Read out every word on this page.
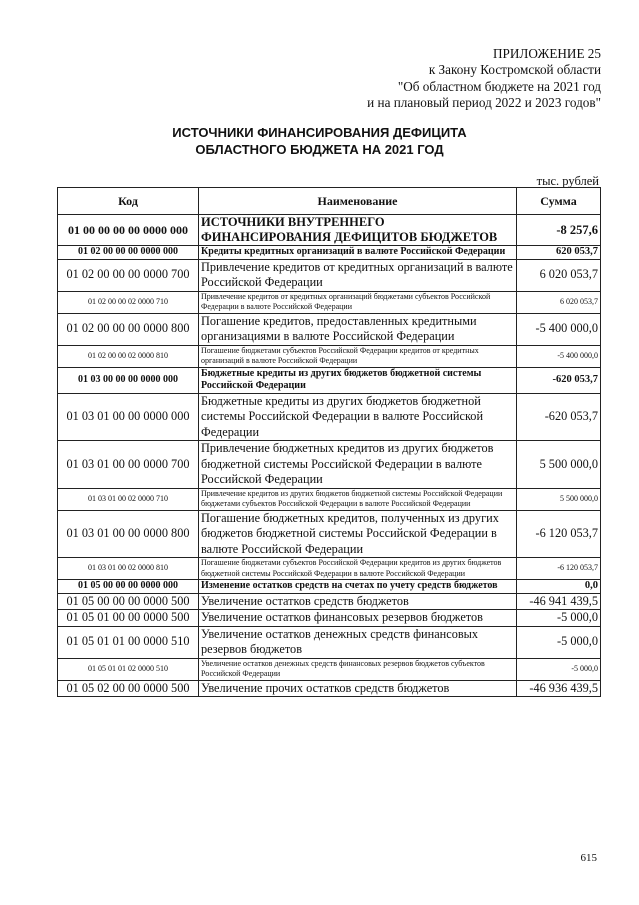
ПРИЛОЖЕНИЕ 25
к Закону Костромской области
"Об областном бюджете на 2021 год
и на плановый период 2022 и 2023 годов"
ИСТОЧНИКИ ФИНАНСИРОВАНИЯ ДЕФИЦИТА
ОБЛАСТНОГО БЮДЖЕТА НА 2021 ГОД
тыс. рублей
Код	Наименование	Сумма
01 00 00 00 00 0000 000	ИСТОЧНИКИ ВНУТРЕННЕГО ФИНАНСИРОВАНИЯ ДЕФИЦИТОВ БЮДЖЕТОВ	-8 257,6
01 02 00 00 00 0000 000	Кредиты кредитных организаций в валюте Российской Федерации	620 053,7
01 02 00 00 00 0000 700	Привлечение кредитов от кредитных организаций в валюте Российской Федерации	6 020 053,7
01 02 00 00 02 0000 710	Привлечение кредитов от кредитных организаций бюджетами субъектов Российской Федерации в валюте Российской Федерации	6 020 053,7
01 02 00 00 00 0000 800	Погашение кредитов, предоставленных кредитными организациями в валюте Российской Федерации	-5 400 000,0
01 02 00 00 02 0000 810	Погашение бюджетами субъектов Российской Федерации кредитов от кредитных организаций в валюте Российской Федерации	-5 400 000,0
01 03 00 00 00 0000 000	Бюджетные кредиты из других бюджетов бюджетной системы Российской Федерации	-620 053,7
01 03 01 00 00 0000 000	Бюджетные кредиты из других бюджетов бюджетной системы Российской Федерации в валюте Российской Федерации	-620 053,7
01 03 01 00 00 0000 700	Привлечение бюджетных кредитов из других бюджетов бюджетной системы Российской Федерации в валюте Российской Федерации	5 500 000,0
01 03 01 00 02 0000 710	Привлечение кредитов из других бюджетов бюджетной системы Российской Федерации бюджетами субъектов Российской Федерации в валюте Российской Федерации	5 500 000,0
01 03 01 00 00 0000 800	Погашение бюджетных кредитов, полученных из других бюджетов бюджетной системы Российской Федерации в валюте Российской Федерации	-6 120 053,7
01 03 01 00 02 0000 810	Погашение бюджетами субъектов Российской Федерации кредитов из других бюджетов бюджетной системы Российской Федерации в валюте Российской Федерации	-6 120 053,7
01 05 00 00 00 0000 000	Изменение остатков средств на счетах по учету средств бюджетов	0,0
01 05 00 00 00 0000 500	Увеличение остатков средств бюджетов	-46 941 439,5
01 05 01 00 00 0000 500	Увеличение остатков финансовых резервов бюджетов	-5 000,0
01 05 01 01 00 0000 510	Увеличение остатков денежных средств финансовых резервов бюджетов	-5 000,0
01 05 01 01 02 0000 510	Увеличение остатков денежных средств финансовых резервов бюджетов субъектов Российской Федерации	-5 000,0
01 05 02 00 00 0000 500	Увеличение прочих остатков средств бюджетов	-46 936 439,5
615
